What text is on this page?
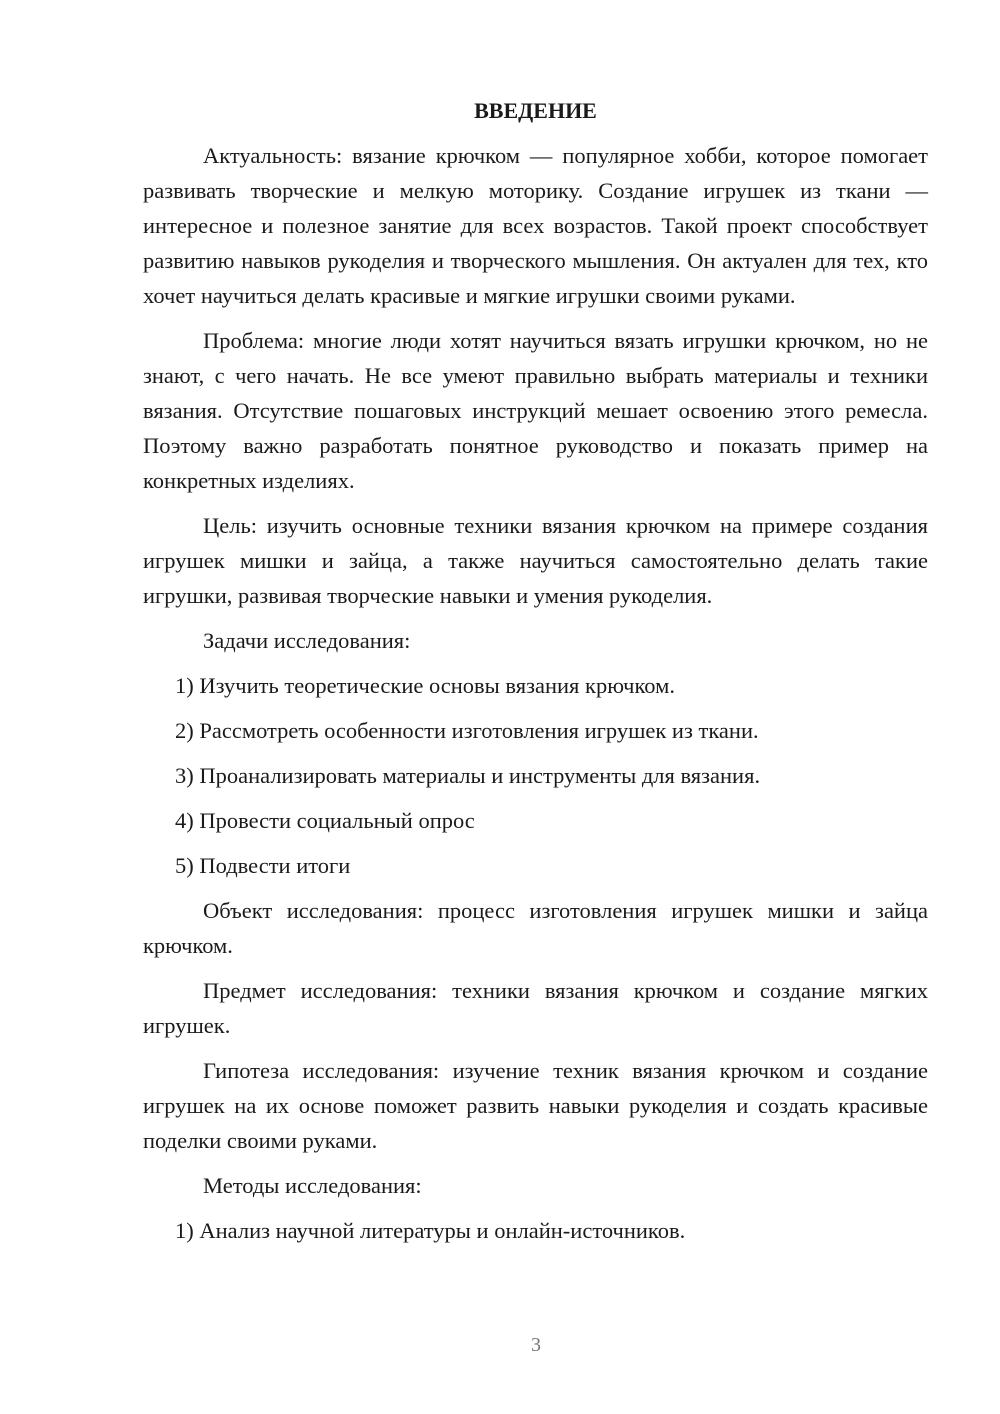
ВВЕДЕНИЕ

Актуальность: вязание крючком — популярное хобби, которое помогает развивать творческие и мелкую моторику. Создание игрушек из ткани — интересное и полезное занятие для всех возрастов. Такой проект способствует развитию навыков рукоделия и творческого мышления. Он актуален для тех, кто хочет научиться делать красивые и мягкие игрушки своими руками.

Проблема: многие люди хотят научиться вязать игрушки крючком, но не знают, с чего начать. Не все умеют правильно выбрать материалы и техники вязания. Отсутствие пошаговых инструкций мешает освоению этого ремесла. Поэтому важно разработать понятное руководство и показать пример на конкретных изделиях.

Цель: изучить основные техники вязания крючком на примере создания игрушек мишки и зайца, а также научиться самостоятельно делать такие игрушки, развивая творческие навыки и умения рукоделия.

Задачи исследования:

1) Изучить теоретические основы вязания крючком.

2) Рассмотреть особенности изготовления игрушек из ткани.

3) Проанализировать материалы и инструменты для вязания.

4) Провести социальный опрос

5) Подвести итоги

Объект исследования: процесс изготовления игрушек мишки и зайца крючком.

Предмет исследования: техники вязания крючком и создание мягких игрушек.

Гипотеза исследования: изучение техник вязания крючком и создание игрушек на их основе поможет развить навыки рукоделия и создать красивые поделки своими руками.

Методы исследования:

1) Анализ научной литературы и онлайн-источников.

3
